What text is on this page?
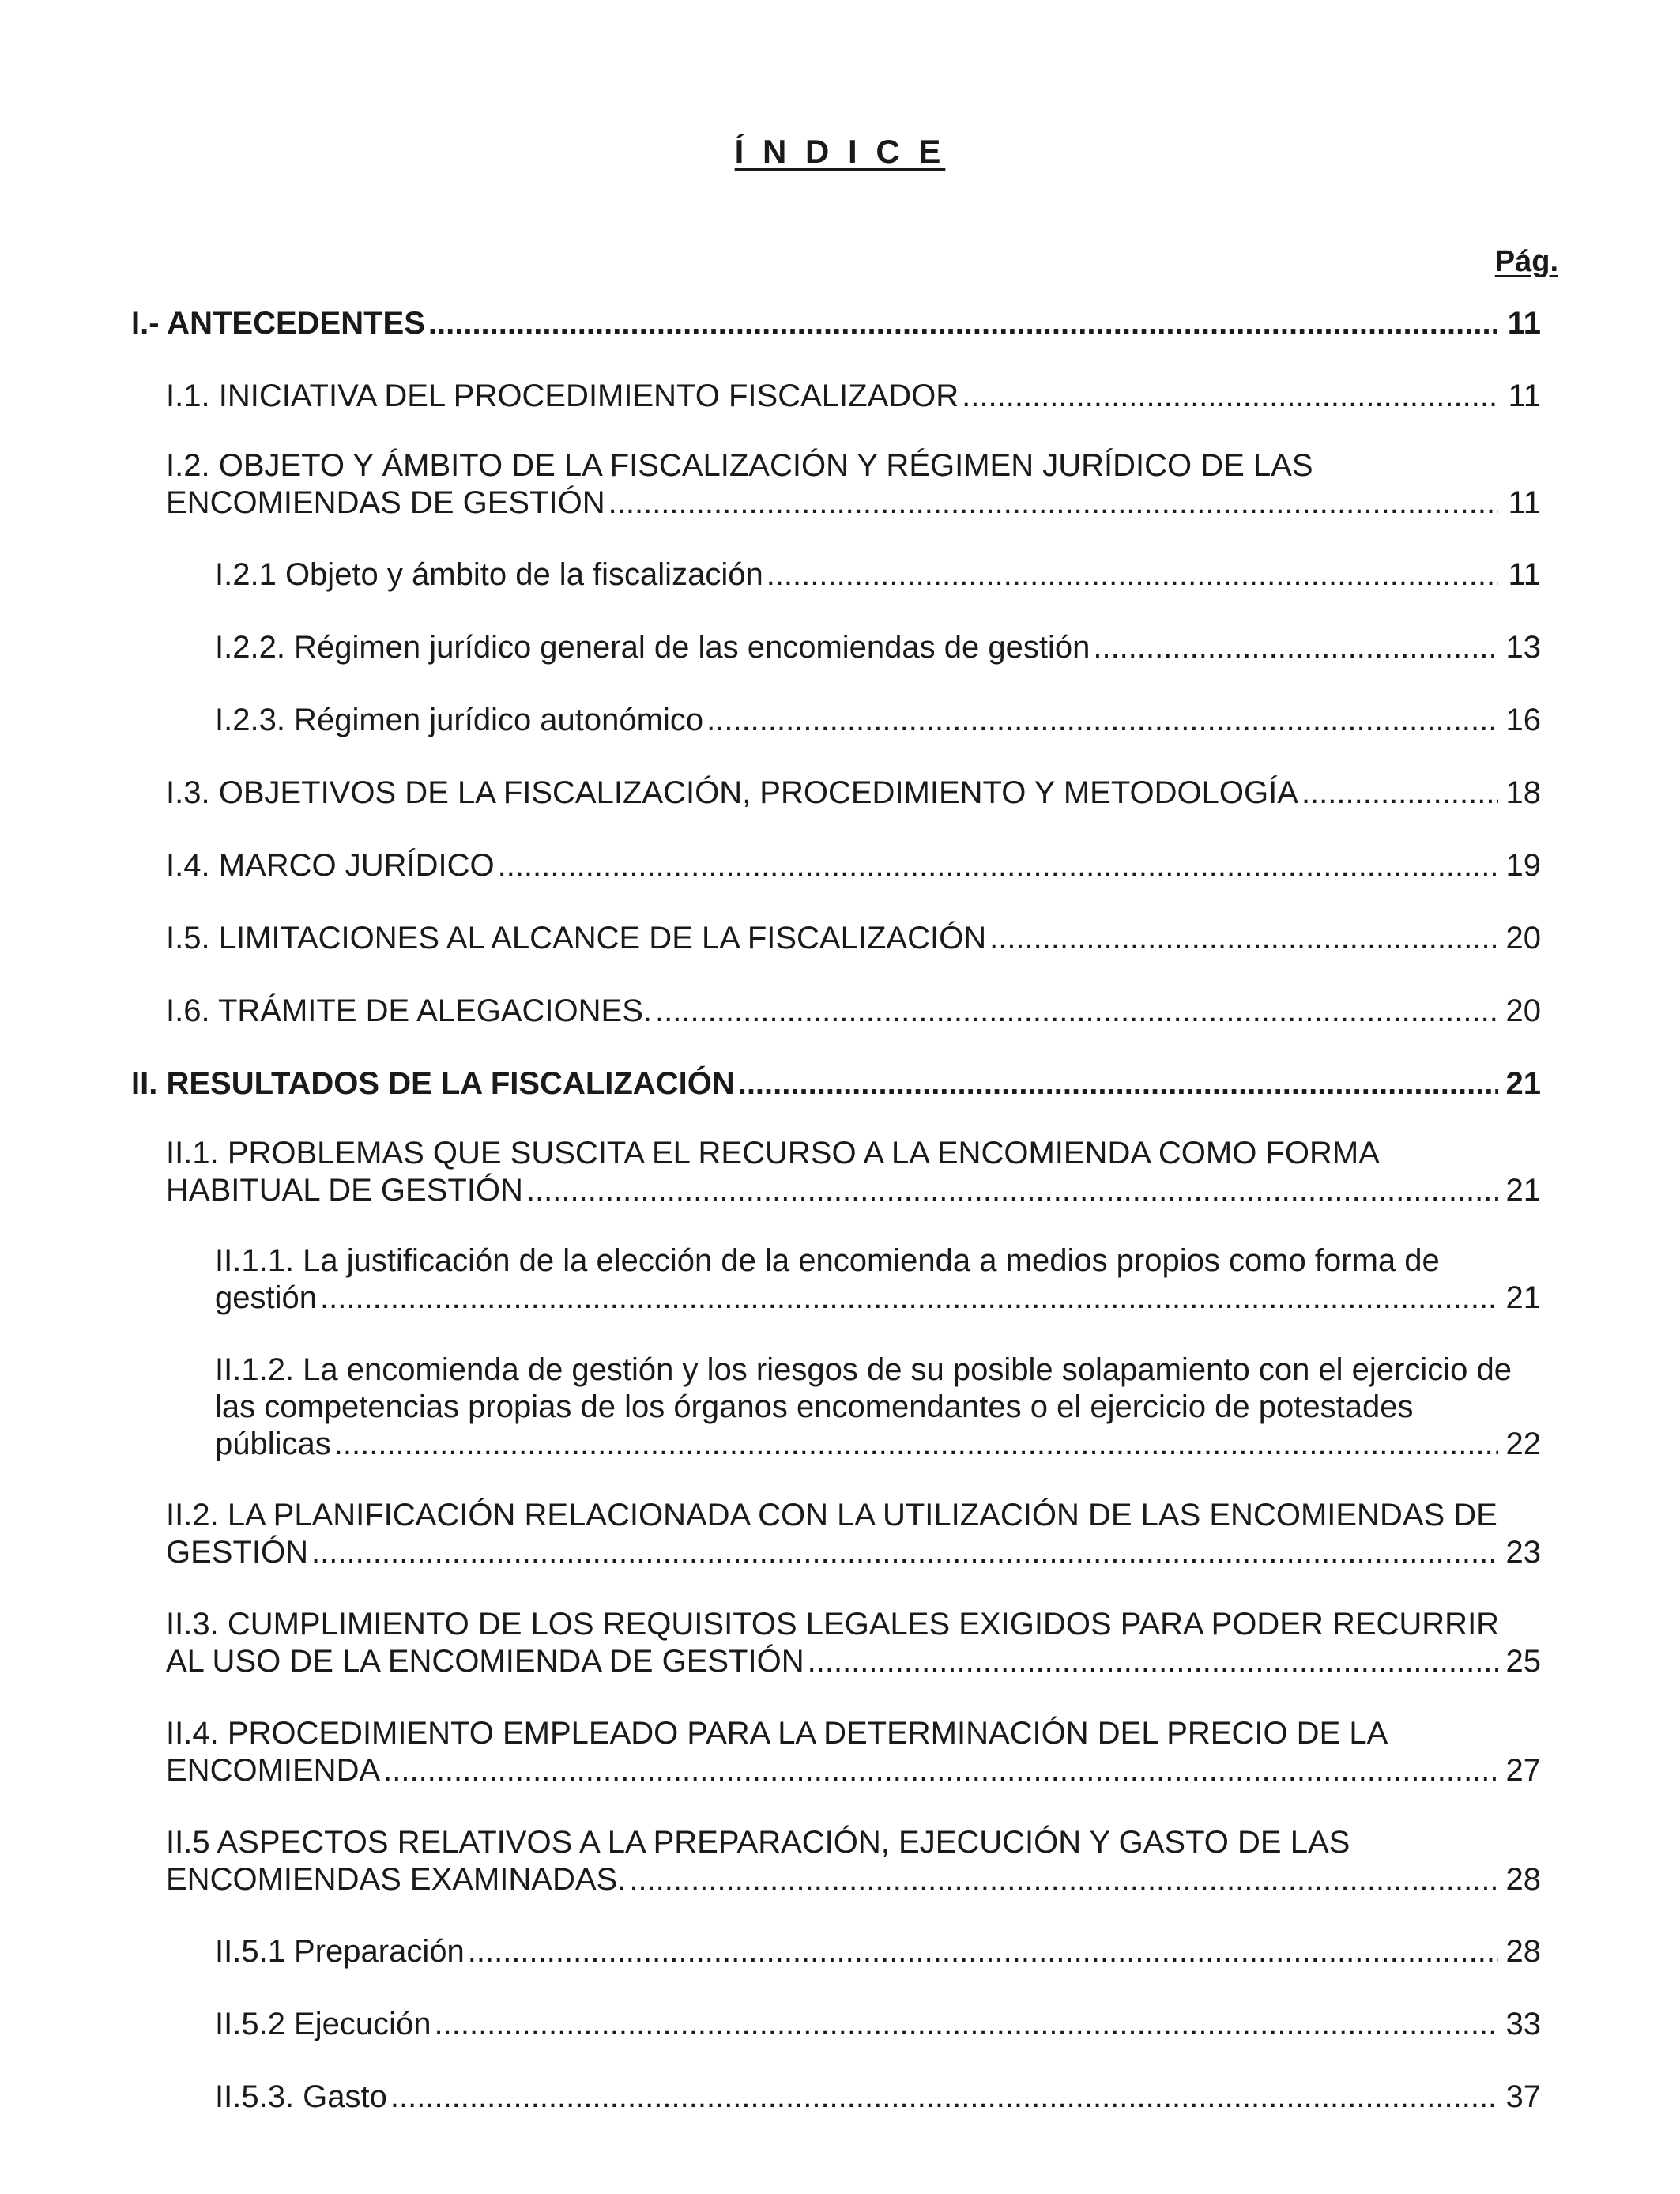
Í N D I C E
Pág.
I.- ANTECEDENTES .....	11
I.1. INICIATIVA DEL PROCEDIMIENTO FISCALIZADOR .....	11
I.2. OBJETO Y ÁMBITO DE LA FISCALIZACIÓN Y RÉGIMEN JURÍDICO DE LAS
ENCOMIENDAS DE GESTIÓN .....	11
I.2.1 Objeto y ámbito de la fiscalización .....	11
I.2.2. Régimen jurídico general de las encomiendas de gestión .....	13
I.2.3. Régimen jurídico autonómico .....	16
I.3. OBJETIVOS DE LA FISCALIZACIÓN, PROCEDIMIENTO Y METODOLOGÍA .....	18
I.4. MARCO JURÍDICO .....	19
I.5. LIMITACIONES AL ALCANCE DE LA FISCALIZACIÓN .....	20
I.6. TRÁMITE DE ALEGACIONES. .....	20
II. RESULTADOS DE LA FISCALIZACIÓN .....	21
II.1. PROBLEMAS QUE SUSCITA EL RECURSO A LA ENCOMIENDA COMO FORMA
HABITUAL DE GESTIÓN .....	21
II.1.1. La justificación de la elección de la encomienda a medios propios como forma de
gestión .....	21
II.1.2. La encomienda de gestión y los riesgos de su posible solapamiento con el ejercicio de
las competencias propias de los órganos encomendantes o el ejercicio de potestades
públicas .....	22
II.2. LA PLANIFICACIÓN RELACIONADA CON LA UTILIZACIÓN DE LAS ENCOMIENDAS DE
GESTIÓN .....	23
II.3. CUMPLIMIENTO DE LOS REQUISITOS LEGALES EXIGIDOS PARA PODER RECURRIR
AL USO DE LA ENCOMIENDA DE GESTIÓN .....	25
II.4. PROCEDIMIENTO EMPLEADO PARA LA DETERMINACIÓN DEL PRECIO DE LA
ENCOMIENDA .....	27
II.5 ASPECTOS RELATIVOS A LA PREPARACIÓN, EJECUCIÓN Y GASTO DE LAS
ENCOMIENDAS EXAMINADAS. .....	28
II.5.1 Preparación .....	28
II.5.2 Ejecución .....	33
II.5.3. Gasto .....	37
